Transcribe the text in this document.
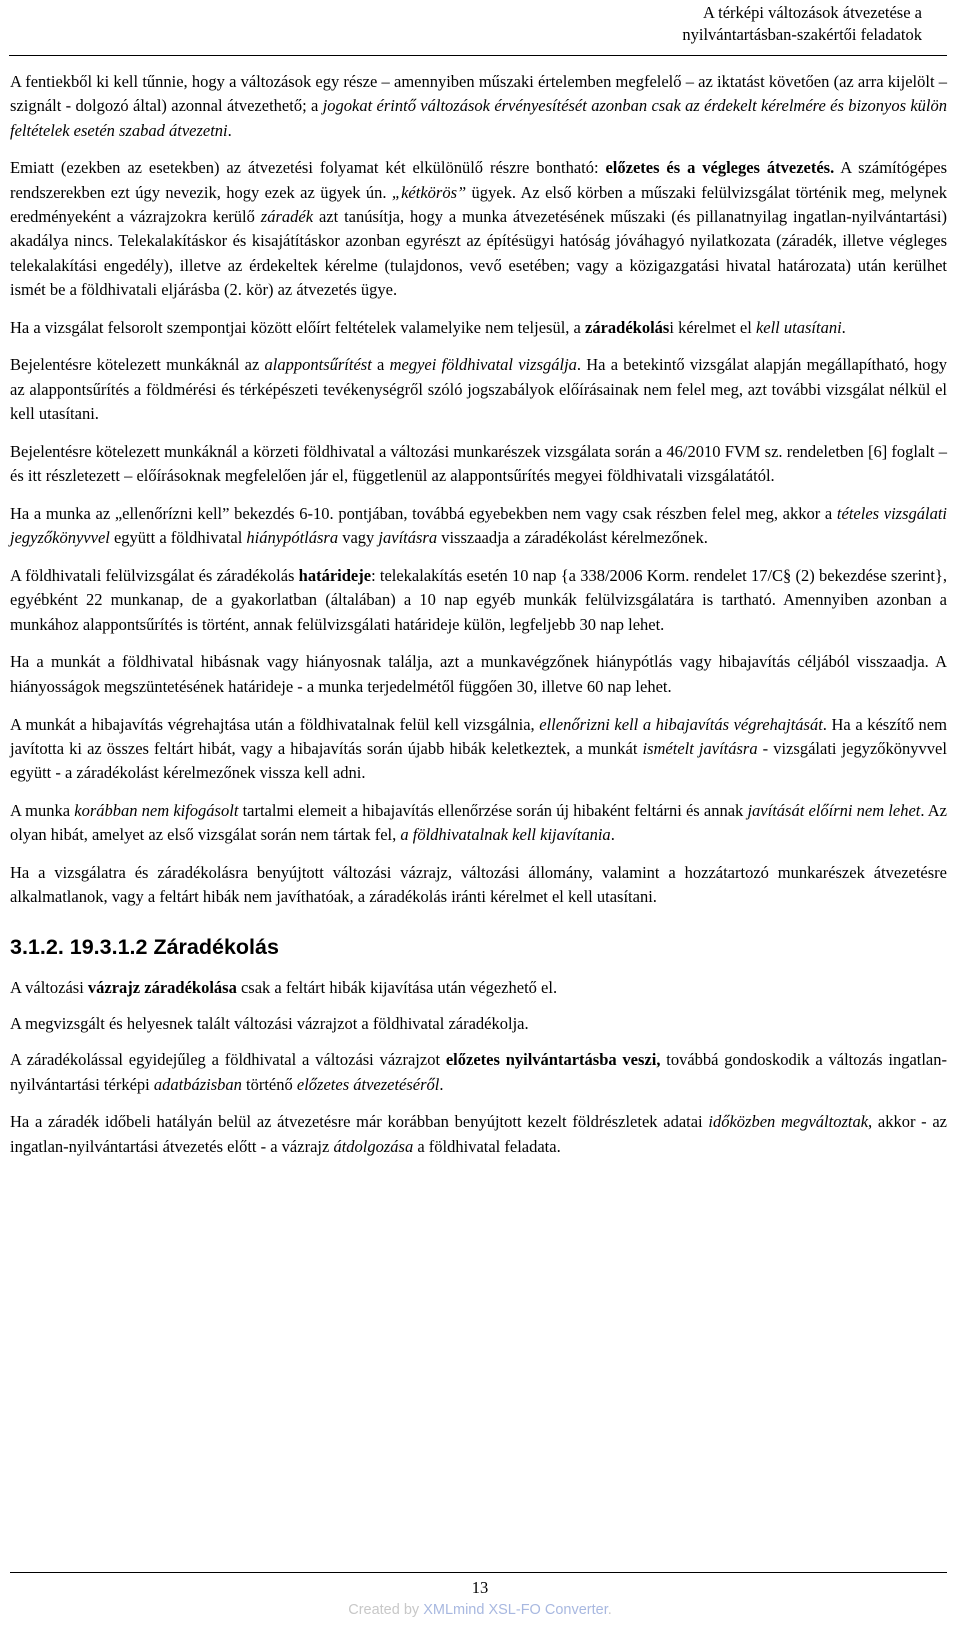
A térképi változások átvezetése a
nyilvántartásban-szakértői feladatok

A fentiekből ki kell tűnnie, hogy a változások egy része – amennyiben műszaki értelemben megfelelő – az iktatást követően (az arra kijelölt – szignált - dolgozó által) azonnal átvezethető; a jogokat érintő változások érvényesítését azonban csak az érdekelt kérelmére és bizonyos külön feltételek esetén szabad átvezetni.

Emiatt (ezekben az esetekben) az átvezetési folyamat két elkülönülő részre bontható: előzetes és a végleges átvezetés. A számítógépes rendszerekben ezt úgy nevezik, hogy ezek az ügyek ún. „kétkörös” ügyek. Az első körben a műszaki felülvizsgálat történik meg, melynek eredményeként a vázrajzokra kerülő záradék azt tanúsítja, hogy a munka átvezetésének műszaki (és pillanatnyilag ingatlan-nyilvántartási) akadálya nincs. Telekalakításkor és kisajátításkor azonban egyrészt az építésügyi hatóság jóváhagyó nyilatkozata (záradék, illetve végleges telekalakítási engedély), illetve az érdekeltek kérelme (tulajdonos, vevő esetében; vagy a közigazgatási hivatal határozata) után kerülhet ismét be a földhivatali eljárásba (2. kör) az átvezetés ügye.

Ha a vizsgálat felsorolt szempontjai között előírt feltételek valamelyike nem teljesül, a záradékolási kérelmet el kell utasítani.

Bejelentésre kötelezett munkáknál az alappontsűrítést a megyei földhivatal vizsgálja. Ha a betekintő vizsgálat alapján megállapítható, hogy az alappontsűrítés a földmérési és térképészeti tevékenységről szóló jogszabályok előírásainak nem felel meg, azt további vizsgálat nélkül el kell utasítani.

Bejelentésre kötelezett munkáknál a körzeti földhivatal a változási munkarészek vizsgálata során a 46/2010 FVM sz. rendeletben [6] foglalt – és itt részletezett – előírásoknak megfelelően jár el, függetlenül az alappontsűrítés megyei földhivatali vizsgálatától.

Ha a munka az „ellenőrízni kell” bekezdés 6-10. pontjában, továbbá egyebekben nem vagy csak részben felel meg, akkor a tételes vizsgálati jegyzőkönyvvel együtt a földhivatal hiánypótlásra vagy javításra visszaadja a záradékolást kérelmezőnek.

A földhivatali felülvizsgálat és záradékolás határideje: telekalakítás esetén 10 nap {a 338/2006 Korm. rendelet 17/C§ (2) bekezdése szerint}, egyébként 22 munkanap, de a gyakorlatban (általában) a 10 nap egyéb munkák felülvizsgálatára is tartható. Amennyiben azonban a munkához alappontsűrítés is történt, annak felülvizsgálati határideje külön, legfeljebb 30 nap lehet.

Ha a munkát a földhivatal hibásnak vagy hiányosnak találja, azt a munkavégzőnek hiánypótlás vagy hibajavítás céljából visszaadja. A hiányosságok megszüntetésének határideje - a munka terjedelmétől függően 30, illetve 60 nap lehet.

A munkát a hibajavítás végrehajtása után a földhivatalnak felül kell vizsgálnia, ellenőrizni kell a hibajavítás végrehajtását. Ha a készítő nem javította ki az összes feltárt hibát, vagy a hibajavítás során újabb hibák keletkeztek, a munkát ismételt javításra - vizsgálati jegyzőkönyvvel együtt - a záradékolást kérelmezőnek vissza kell adni.

A munka korábban nem kifogásolt tartalmi elemeit a hibajavítás ellenőrzése során új hibaként feltárni és annak javítását előírni nem lehet. Az olyan hibát, amelyet az első vizsgálat során nem tártak fel, a földhivatalnak kell kijavítania.

Ha a vizsgálatra és záradékolásra benyújtott változási vázrajz, változási állomány, valamint a hozzátartozó munkarészek átvezetésre alkalmatlanok, vagy a feltárt hibák nem javíthatóak, a záradékolás iránti kérelmet el kell utasítani.

3.1.2. 19.3.1.2 Záradékolás

A változási vázrajz záradékolása csak a feltárt hibák kijavítása után végezhető el.

A megvizsgált és helyesnek talált változási vázrajzot a földhivatal záradékolja.

A záradékolással egyidejűleg a földhivatal a változási vázrajzot előzetes nyilvántartásba veszi, továbbá gondoskodik a változás ingatlan-nyilvántartási térképi adatbázisban történő előzetes átvezetéséről.

Ha a záradék időbeli hatályán belül az átvezetésre már korábban benyújtott kezelt földrészletek adatai időközben megváltoztak, akkor - az ingatlan-nyilvántartási átvezetés előtt - a vázrajz átdolgozása a földhivatal feladata.

13
Created by XMLmind XSL-FO Converter.
